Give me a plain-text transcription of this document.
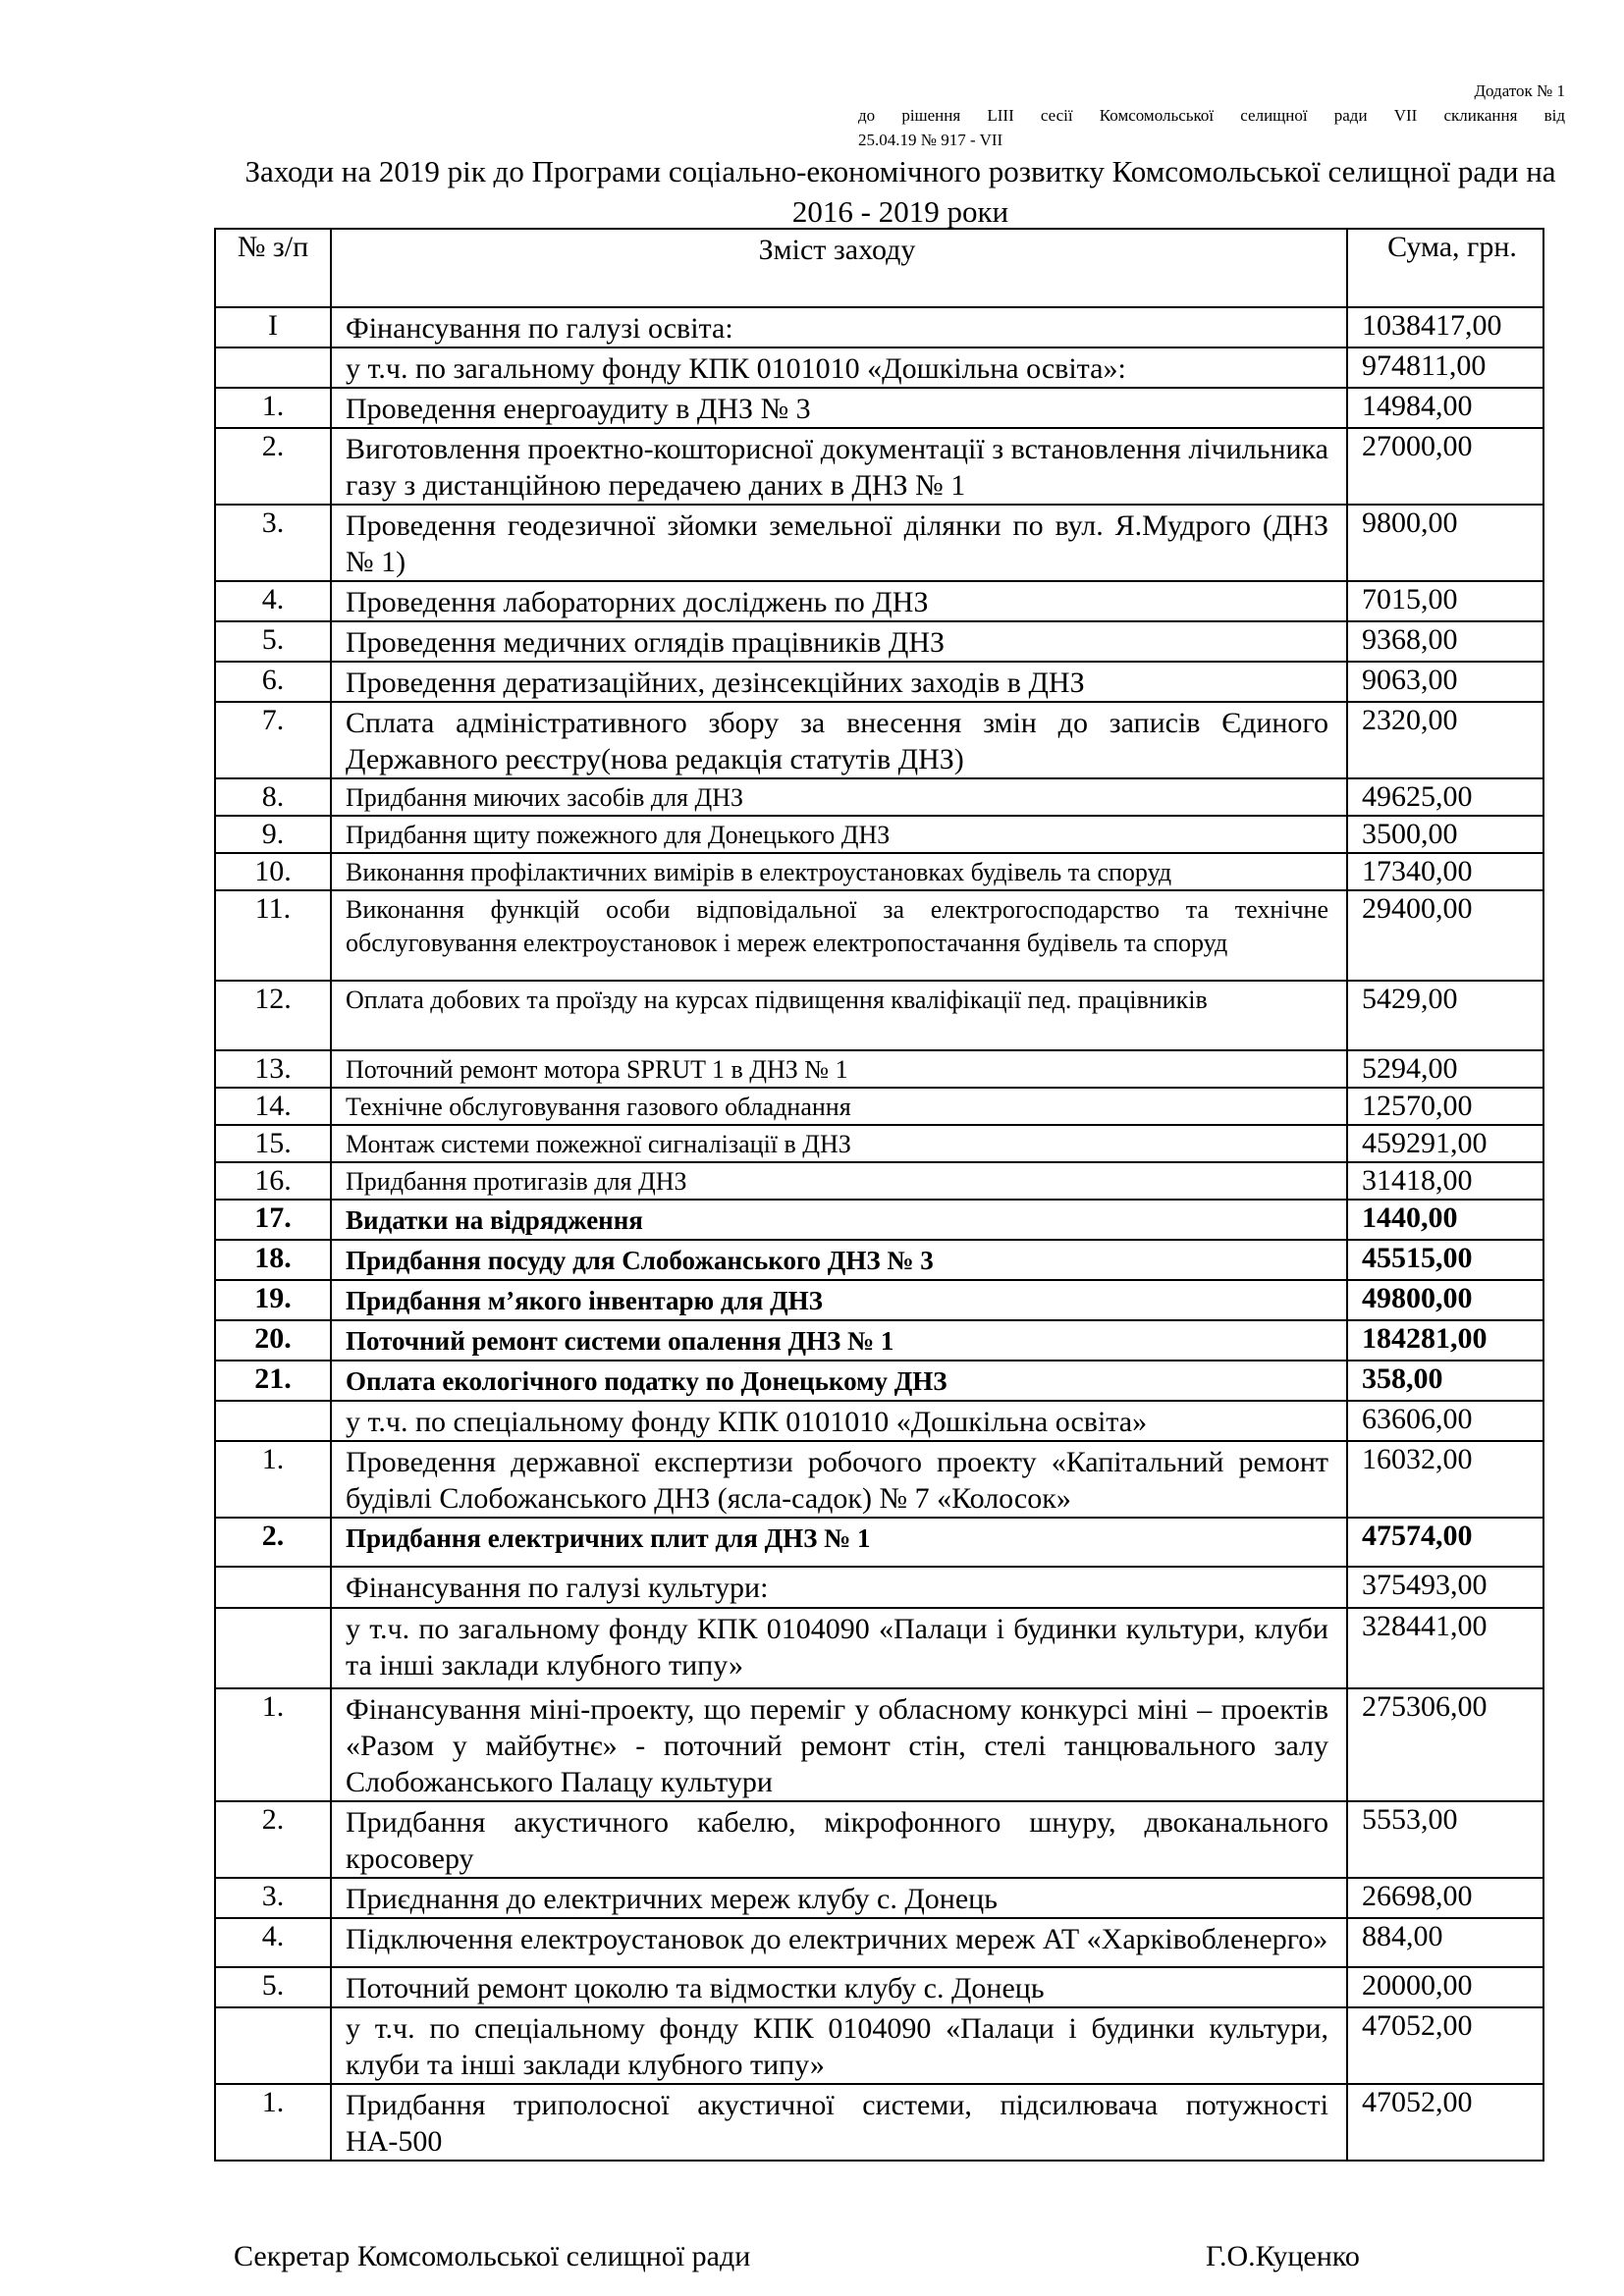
Додаток № 1
до рішення LIII сесії Комсомольської селищної ради VII скликання від
25.04.19 № 917 - VII
Заходи на 2019 рік до Програми соціально-економічного розвитку Комсомольської селищної ради на 2016 - 2019 роки
№ з/п	Зміст заходу	Сума, грн.
I	Фінансування по галузі освіта:	1038417,00
	у т.ч. по загальному фонду КПК 0101010 «Дошкільна освіта»:	974811,00
1.	Проведення енергоаудиту в ДНЗ № 3	14984,00
2.	Виготовлення проектно-кошторисної документації з встановлення лічильника газу з дистанційною передачею даних в ДНЗ № 1	27000,00
3.	Проведення геодезичної зйомки земельної ділянки по вул. Я.Мудрого (ДНЗ № 1)	9800,00
4.	Проведення лабораторних досліджень по ДНЗ	7015,00
5.	Проведення медичних оглядів працівників ДНЗ	9368,00
6.	Проведення дератизаційних, дезінсекційних заходів в ДНЗ	9063,00
7.	Сплата адміністративного збору за внесення змін до записів Єдиного Державного реєстру(нова редакція статутів ДНЗ)	2320,00
8.	Придбання миючих засобів для ДНЗ	49625,00
9.	Придбання щиту пожежного для Донецького ДНЗ	3500,00
10.	Виконання профілактичних вимірів в електроустановках будівель та споруд	17340,00
11.	Виконання функцій особи відповідальної за електрогосподарство та технічне обслуговування електроустановок і мереж електропостачання будівель та споруд	29400,00
12.	Оплата добових та проїзду на курсах підвищення кваліфікації пед. працівників	5429,00
13.	Поточний ремонт мотора SPRUT 1 в ДНЗ № 1	5294,00
14.	Технічне обслуговування газового обладнання	12570,00
15.	Монтаж системи пожежної сигналізації в ДНЗ	459291,00
16.	Придбання протигазів для ДНЗ	31418,00
17.	Видатки на відрядження	1440,00
18.	Придбання посуду для Слобожанського ДНЗ № 3	45515,00
19.	Придбання м’якого інвентарю для ДНЗ	49800,00
20.	Поточний ремонт системи опалення ДНЗ № 1	184281,00
21.	Оплата екологічного податку по Донецькому ДНЗ	358,00
	у т.ч. по спеціальному фонду КПК 0101010 «Дошкільна освіта»	63606,00
1.	Проведення державної експертизи робочого проекту «Капітальний ремонт будівлі Слобожанського ДНЗ (ясла-садок) № 7 «Колосок»	16032,00
2.	Придбання електричних плит для ДНЗ № 1	47574,00
	Фінансування по галузі культури:	375493,00
	у т.ч. по загальному фонду КПК 0104090 «Палаци і будинки культури, клуби та інші заклади клубного типу»	328441,00
1.	Фінансування міні-проекту, що переміг у обласному конкурсі міні – проектів «Разом у майбутнє» - поточний ремонт стін, стелі танцювального залу Слобожанського Палацу культури	275306,00
2.	Придбання акустичного кабелю, мікрофонного шнуру, двоканального кросоверу	5553,00
3.	Приєднання до електричних мереж клубу с. Донець	26698,00
4.	Підключення електроустановок до електричних мереж АТ «Харківобленерго»	884,00
5.	Поточний ремонт цоколю та відмостки клубу с. Донець	20000,00
	у т.ч. по спеціальному фонду КПК 0104090 «Палаци і будинки культури, клуби та інші заклади клубного типу»	47052,00
1.	Придбання триполосної акустичної системи, підсилювача потужності НА-500	47052,00
Секретар Комсомольської селищної ради	Г.О.Куценко
